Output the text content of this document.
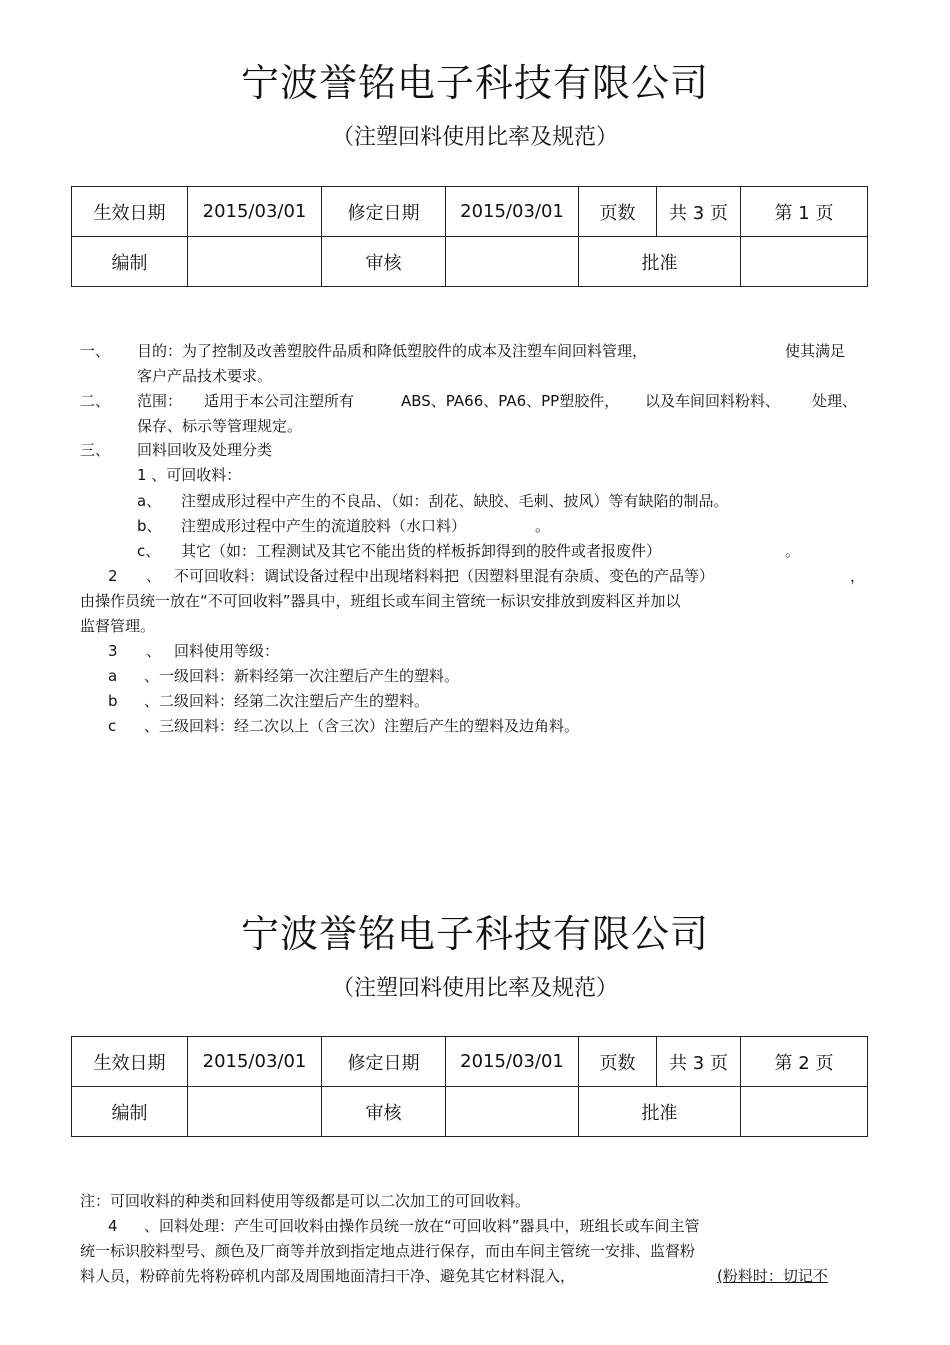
宁波誉铭电子科技有限公司
（注塑回料使用比率及规范）
生效日期	2015/03/01	修定日期	2015/03/01	页数	共 3 页	第 1 页
编制		审核		批准		
一、 目的：为了控制及改善塑胶件品质和降低塑胶件的成本及注塑车间回料管理，	使其满足
客户产品技术要求。
二、 范围： 适用于本公司注塑所有	ABS、PA66、PA6、PP塑胶件， 以及车间回料粉料、 处理、
保存、标示等管理规定。
三、 回料回收及处理分类
1 、可回收料：
a、 注塑成形过程中产生的不良品、（如：刮花、缺胶、毛刺、披风）等有缺陷的制品。
b、 注塑成形过程中产生的流道胶料（水口料）	。
c、 其它（如：工程测试及其它不能出货的样板拆卸得到的胶件或者报废件）	。
2 、 不可回收料：调试设备过程中出现堵料料把（因塑料里混有杂质、变色的产品等）	，
由操作员统一放在“不可回收料”器具中，班组长或车间主管统一标识安排放到废料区并加以
监督管理。
3 、 回料使用等级：
a 、一级回料：新料经第一次注塑后产生的塑料。
b 、二级回料：经第二次注塑后产生的塑料。
c 、三级回料：经二次以上（含三次）注塑后产生的塑料及边角料。
宁波誉铭电子科技有限公司
（注塑回料使用比率及规范）
生效日期	2015/03/01	修定日期	2015/03/01	页数	共 3 页	第 2 页
编制		审核		批准		
注：可回收料的种类和回料使用等级都是可以二次加工的可回收料。
4 、回料处理：产生可回收料由操作员统一放在“可回收料”器具中，班组长或车间主管
统一标识胶料型号、颜色及厂商等并放到指定地点进行保存，而由车间主管统一安排、监督粉
料人员，粉碎前先将粉碎机内部及周围地面清扫干净、避免其它材料混入，	(粉料时：切记不
